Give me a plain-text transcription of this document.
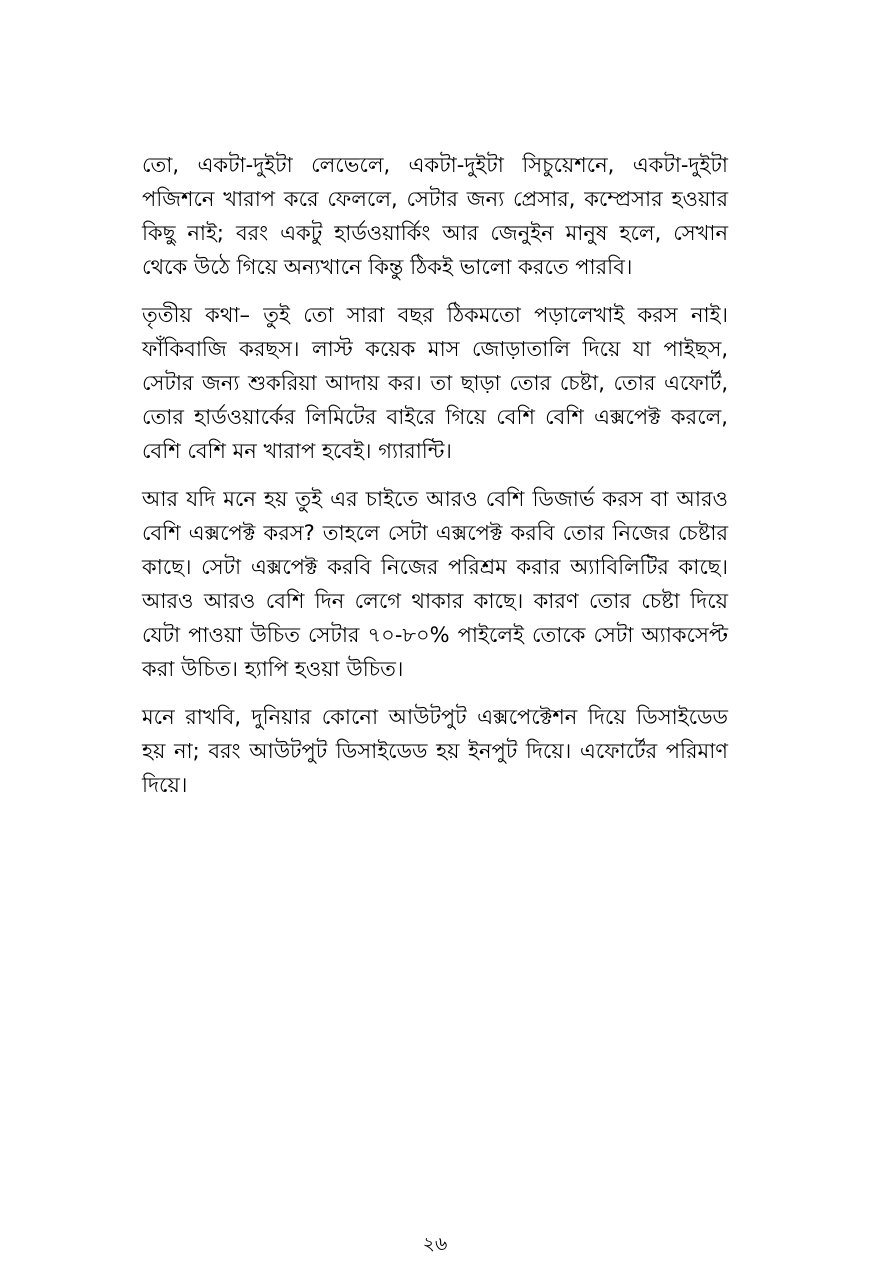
তো, একটা-দুইটা লেভেলে, একটা-দুইটা সিচুয়েশনে, একটা-দুইটা পজিশনে খারাপ করে ফেললে, সেটার জন্য প্রেসার, কম্প্রেসার হওয়ার কিছু নাই; বরং একটু হার্ডওয়ার্কিং আর জেনুইন মানুষ হলে, সেখান থেকে উঠে গিয়ে অন্যখানে কিন্তু ঠিকই ভালো করতে পারবি।

তৃতীয় কথা– তুই তো সারা বছর ঠিকমতো পড়ালেখাই করস নাই। ফাঁকিবাজি করছস। লাস্ট কয়েক মাস জোড়াতালি দিয়ে যা পাইছস, সেটার জন্য শুকরিয়া আদায় কর। তা ছাড়া তোর চেষ্টা, তোর এফোর্ট, তোর হার্ডওয়ার্কের লিমিটের বাইরে গিয়ে বেশি বেশি এক্সপেক্ট করলে, বেশি বেশি মন খারাপ হবেই। গ্যারান্টি।

আর যদি মনে হয় তুই এর চাইতে আরও বেশি ডিজার্ভ করস বা আরও বেশি এক্সপেক্ট করস? তাহলে সেটা এক্সপেক্ট করবি তোর নিজের চেষ্টার কাছে। সেটা এক্সপেক্ট করবি নিজের পরিশ্রম করার অ্যাবিলিটির কাছে। আরও আরও বেশি দিন লেগে থাকার কাছে। কারণ তোর চেষ্টা দিয়ে যেটা পাওয়া উচিত সেটার ৭০-৮০% পাইলেই তোকে সেটা অ্যাকসেপ্ট করা উচিত। হ্যাপি হওয়া উচিত।

মনে রাখবি, দুনিয়ার কোনো আউটপুট এক্সপেক্টেশন দিয়ে ডিসাইডেড হয় না; বরং আউটপুট ডিসাইডেড হয় ইনপুট দিয়ে। এফোর্টের পরিমাণ দিয়ে।

২৬
